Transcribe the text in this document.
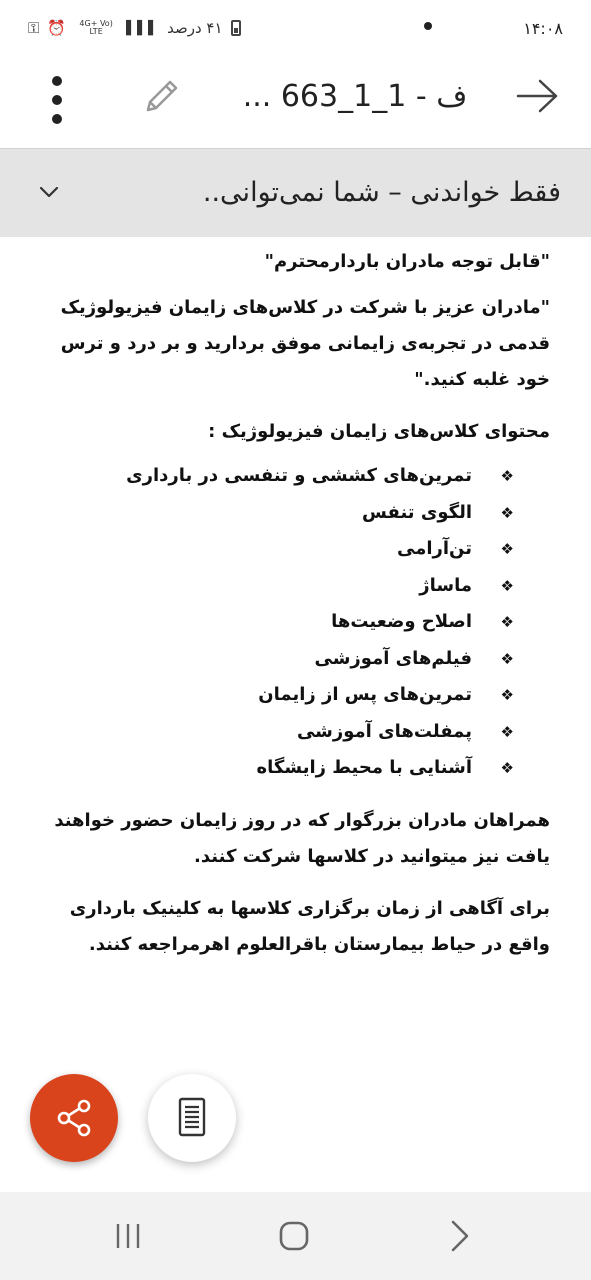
۴۱ درصد
▌▌▌
4G+ Vo) LTE
⏰
⚿	۱۴:۰۸
... 663_1_1 - ف
فقط خواندنی – شما نمی‌توانی..

"قابل توجه مادران باردارمحترم"

"مادران عزیز با شرکت در کلاس‌های زایمان فیزیولوژیک قدمی در تجربه‌ی زایمانی موفق بردارید و بر درد و ترس خود غلبه کنید."

محتوای کلاس‌های زایمان فیزیولوژیک :

❖
تمرین‌های کششی و تنفسی در بارداری
❖
الگوی تنفس
❖
تن‌آرامی
❖
ماساژ
❖
اصلاح وضعیت‌ها
❖
فیلم‌های آموزشی
❖
تمرین‌های پس از زایمان
❖
پمفلت‌های آموزشی
❖
آشنایی با محیط زایشگاه

همراهان مادران بزرگوار که در روز زایمان حضور خواهند یافت نیز میتوانید در کلاسها شرکت کنند.

برای آگاهی از زمان برگزاری کلاسها به کلینیک بارداری واقع در حیاط بیمارستان باقرالعلوم اهرمراجعه کنند.
